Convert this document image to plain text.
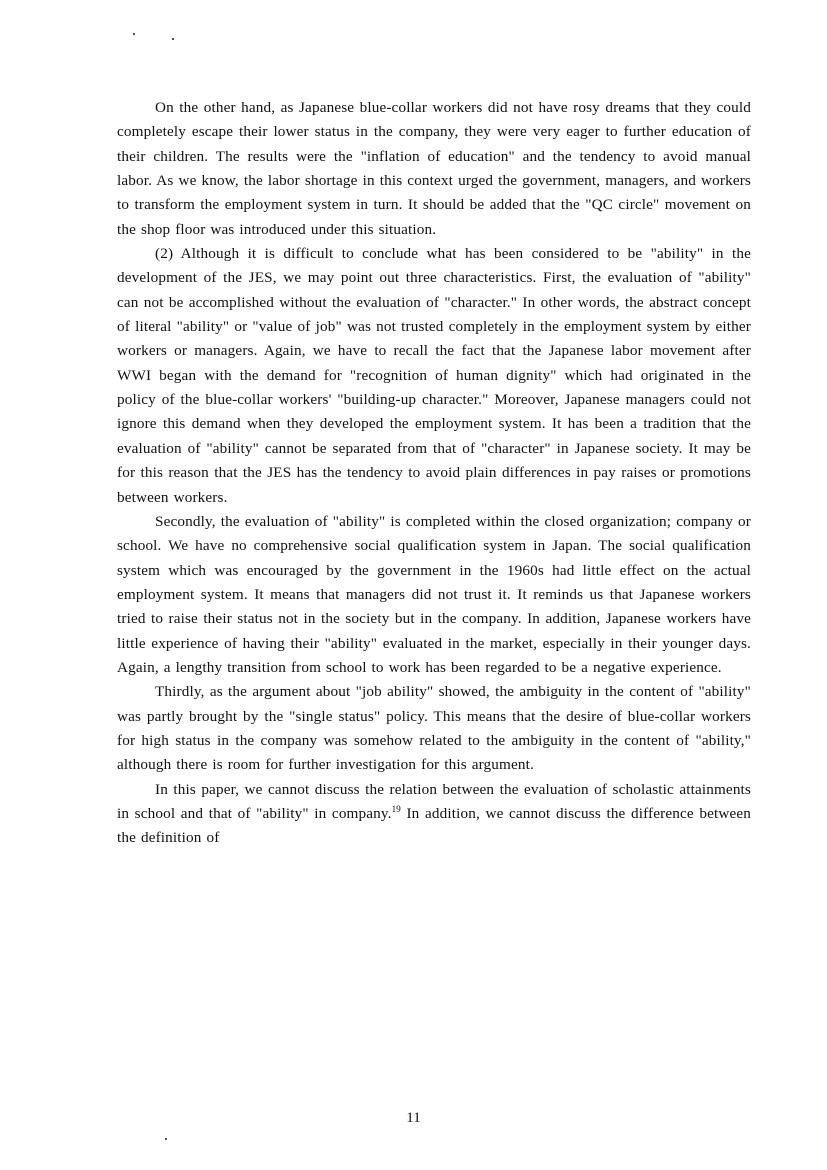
On the other hand, as Japanese blue-collar workers did not have rosy dreams that they could completely escape their lower status in the company, they were very eager to further education of their children. The results were the "inflation of education" and the tendency to avoid manual labor. As we know, the labor shortage in this context urged the government, managers, and workers to transform the employment system in turn. It should be added that the "QC circle" movement on the shop floor was introduced under this situation.

(2) Although it is difficult to conclude what has been considered to be "ability" in the development of the JES, we may point out three characteristics. First, the evaluation of "ability" can not be accomplished without the evaluation of "character." In other words, the abstract concept of literal "ability" or "value of job" was not trusted completely in the employment system by either workers or managers. Again, we have to recall the fact that the Japanese labor movement after WWI began with the demand for "recognition of human dignity" which had originated in the policy of the blue-collar workers' "building-up character." Moreover, Japanese managers could not ignore this demand when they developed the employment system. It has been a tradition that the evaluation of "ability" cannot be separated from that of "character" in Japanese society. It may be for this reason that the JES has the tendency to avoid plain differences in pay raises or promotions between workers.

Secondly, the evaluation of "ability" is completed within the closed organization; company or school. We have no comprehensive social qualification system in Japan. The social qualification system which was encouraged by the government in the 1960s had little effect on the actual employment system. It means that managers did not trust it. It reminds us that Japanese workers tried to raise their status not in the society but in the company. In addition, Japanese workers have little experience of having their "ability" evaluated in the market, especially in their younger days. Again, a lengthy transition from school to work has been regarded to be a negative experience.

Thirdly, as the argument about "job ability" showed, the ambiguity in the content of "ability" was partly brought by the "single status" policy. This means that the desire of blue-collar workers for high status in the company was somehow related to the ambiguity in the content of "ability," although there is room for further investigation for this argument.

In this paper, we cannot discuss the relation between the evaluation of scholastic attainments in school and that of "ability" in company.$^{19}$ In addition, we cannot discuss the difference between the definition of

11
